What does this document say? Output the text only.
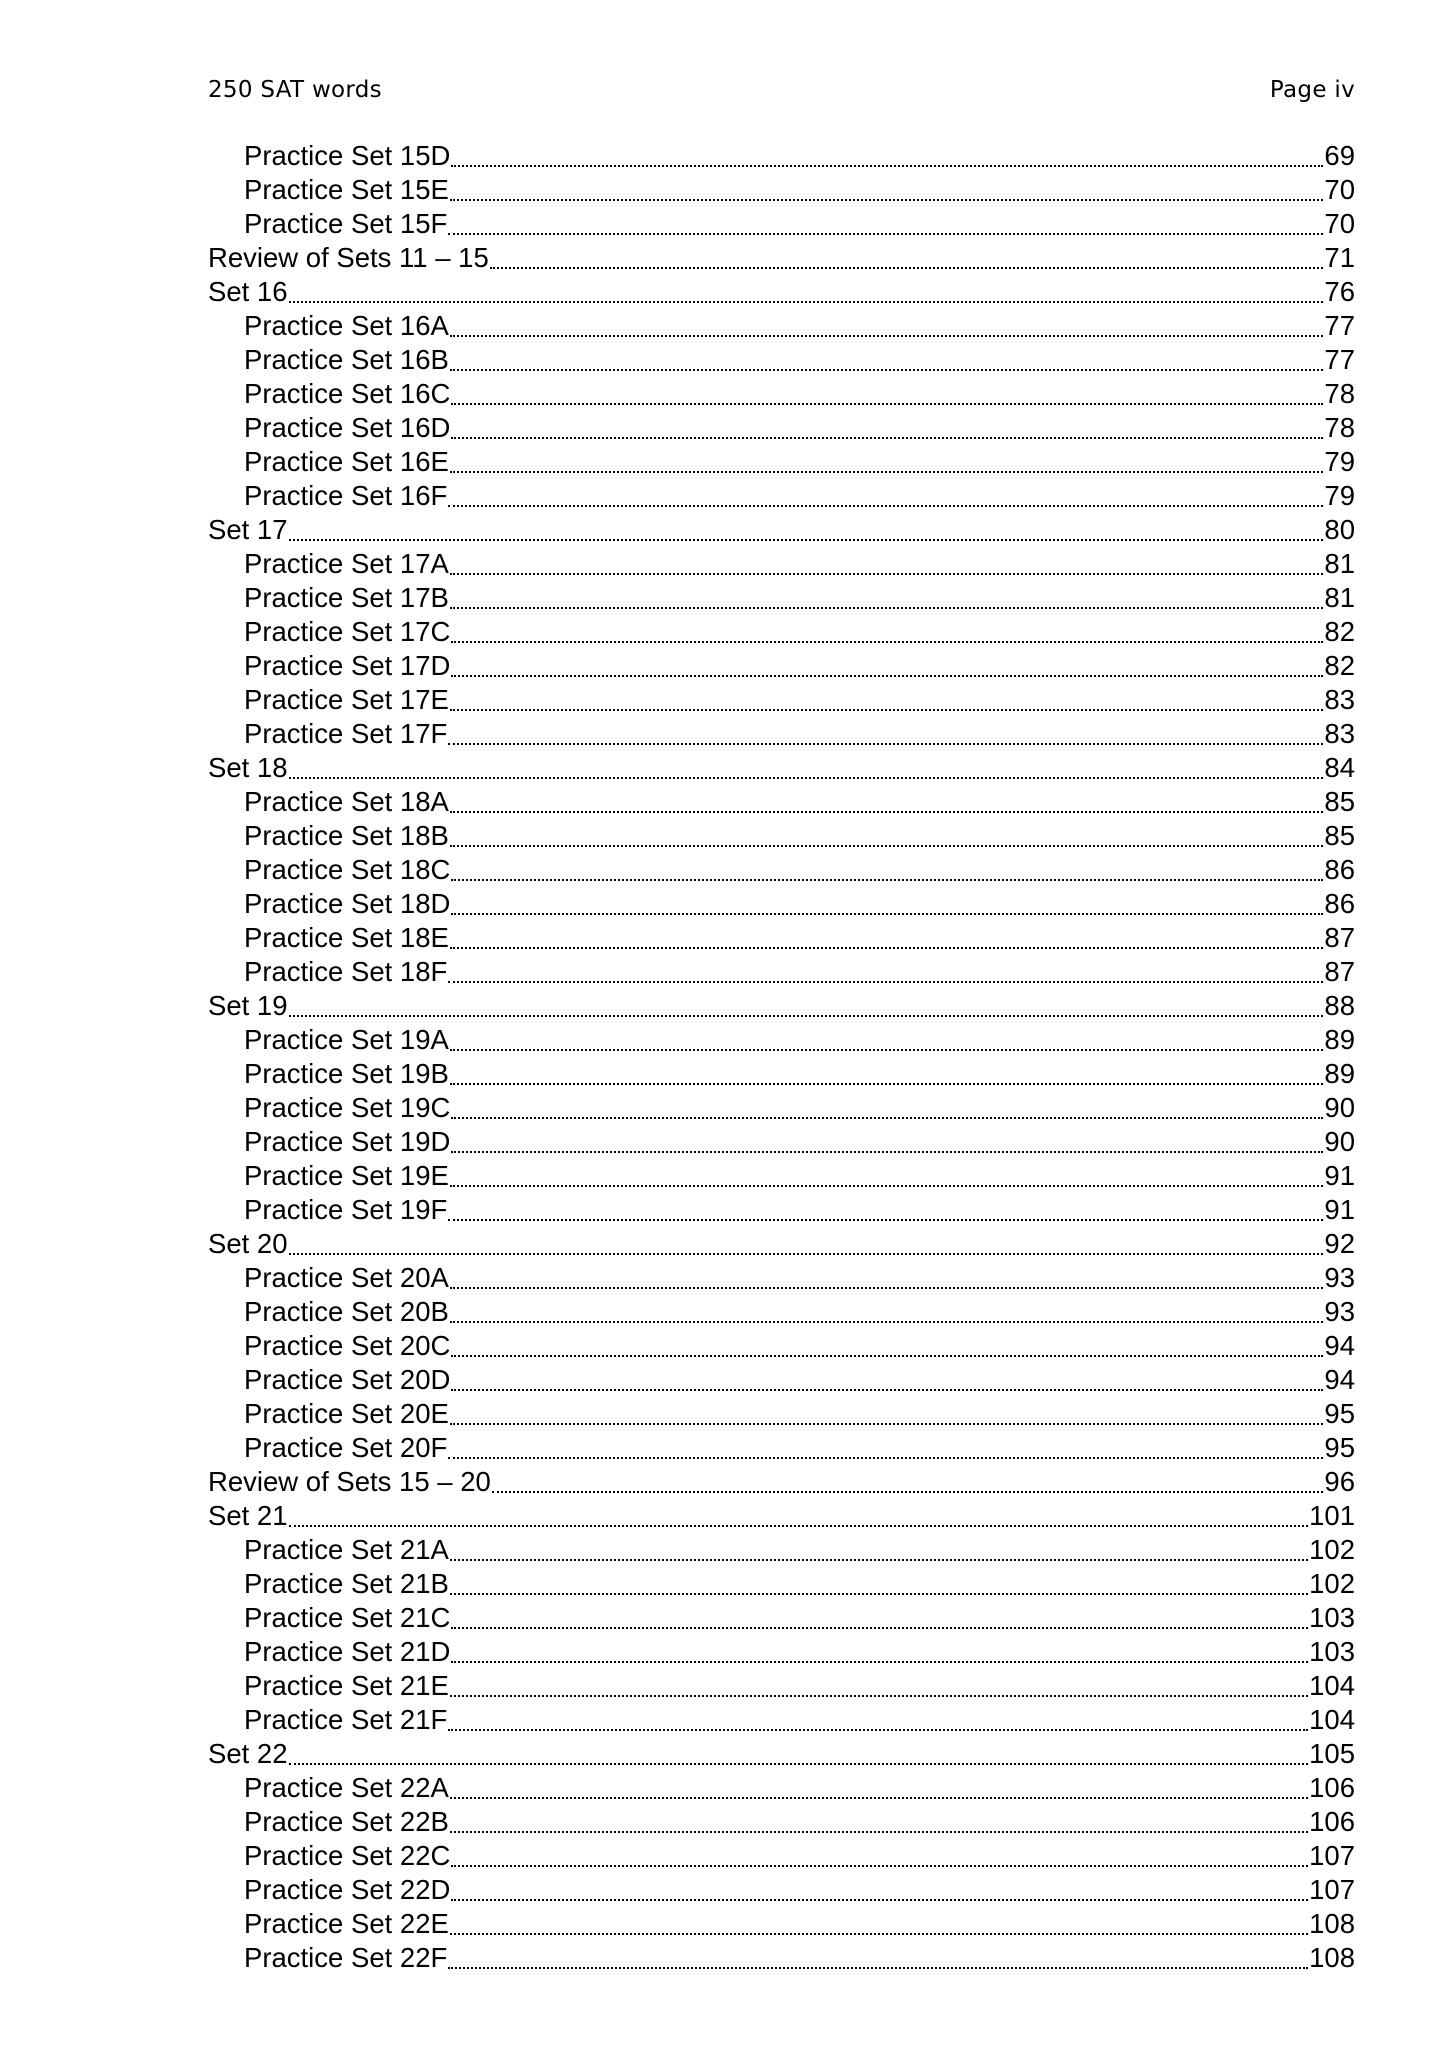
250 SAT words	Page iv
Practice Set 15D	69
Practice Set 15E	70
Practice Set 15F	70
Review of Sets 11 – 15	71
Set 16	76
Practice Set 16A	77
Practice Set 16B	77
Practice Set 16C	78
Practice Set 16D	78
Practice Set 16E	79
Practice Set 16F	79
Set 17	80
Practice Set 17A	81
Practice Set 17B	81
Practice Set 17C	82
Practice Set 17D	82
Practice Set 17E	83
Practice Set 17F	83
Set 18	84
Practice Set 18A	85
Practice Set 18B	85
Practice Set 18C	86
Practice Set 18D	86
Practice Set 18E	87
Practice Set 18F	87
Set 19	88
Practice Set 19A	89
Practice Set 19B	89
Practice Set 19C	90
Practice Set 19D	90
Practice Set 19E	91
Practice Set 19F	91
Set 20	92
Practice Set 20A	93
Practice Set 20B	93
Practice Set 20C	94
Practice Set 20D	94
Practice Set 20E	95
Practice Set 20F	95
Review of Sets 15 – 20	96
Set 21	101
Practice Set 21A	102
Practice Set 21B	102
Practice Set 21C	103
Practice Set 21D	103
Practice Set 21E	104
Practice Set 21F	104
Set 22	105
Practice Set 22A	106
Practice Set 22B	106
Practice Set 22C	107
Practice Set 22D	107
Practice Set 22E	108
Practice Set 22F	108
